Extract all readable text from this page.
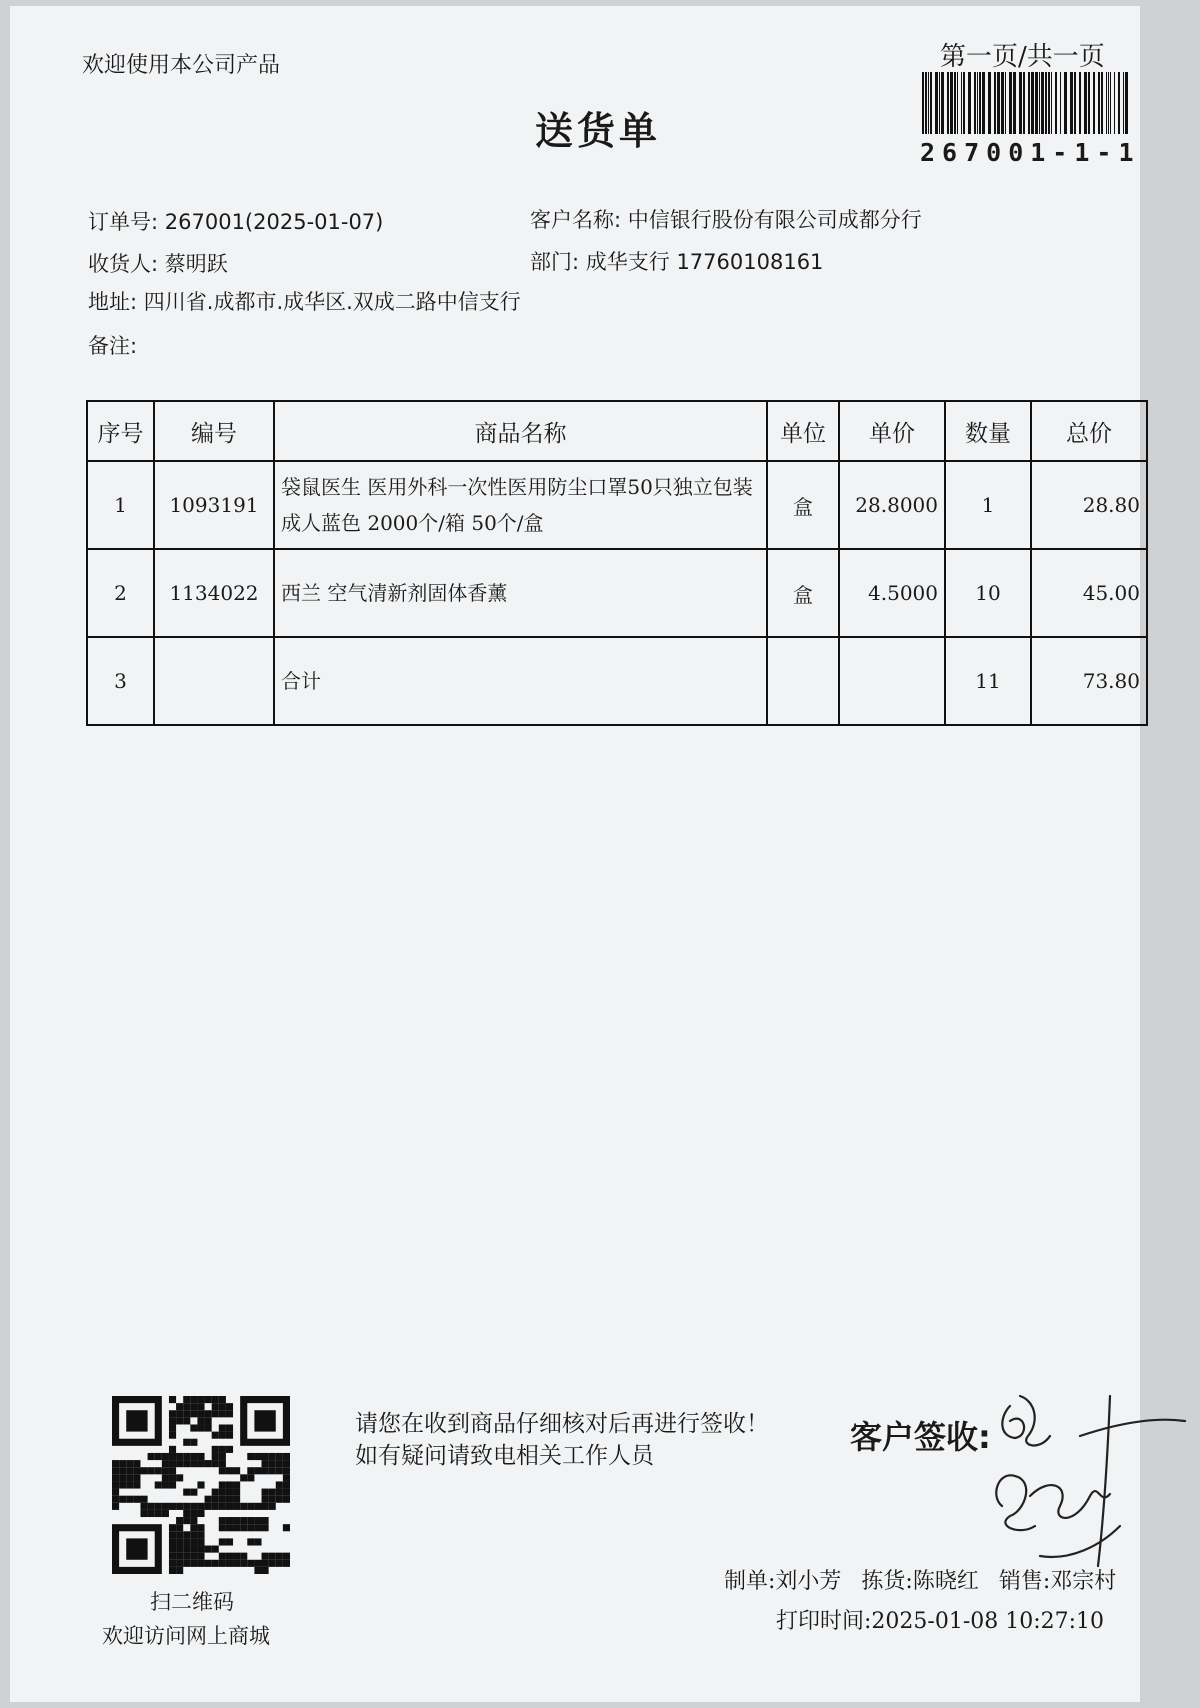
欢迎使用本公司产品
送货单
第一页/共一页
267001-1-1
订单号: 267001(2025-01-07)	客户名称: 中信银行股份有限公司成都分行
收货人: 蔡明跃	部门: 成华支行 17760108161
地址: 四川省.成都市.成华区.双成二路中信支行
备注:
序号	编号	商品名称	单位	单价	数量	总价
1	1093191	袋鼠医生 医用外科一次性医用防尘口罩50只独立包装成人蓝色 2000个/箱 50个/盒	盒	28.8000	1	28.80
2	1134022	西兰 空气清新剂固体香薰	盒	4.5000	10	45.00
3		合计			11	73.80
扫二维码
欢迎访问网上商城
请您在收到商品仔细核对后再进行签收！如有疑问请致电相关工作人员	客户签收:
制单:刘小芳 拣货:陈晓红 销售:邓宗村
打印时间:2025-01-08 10:27:10
